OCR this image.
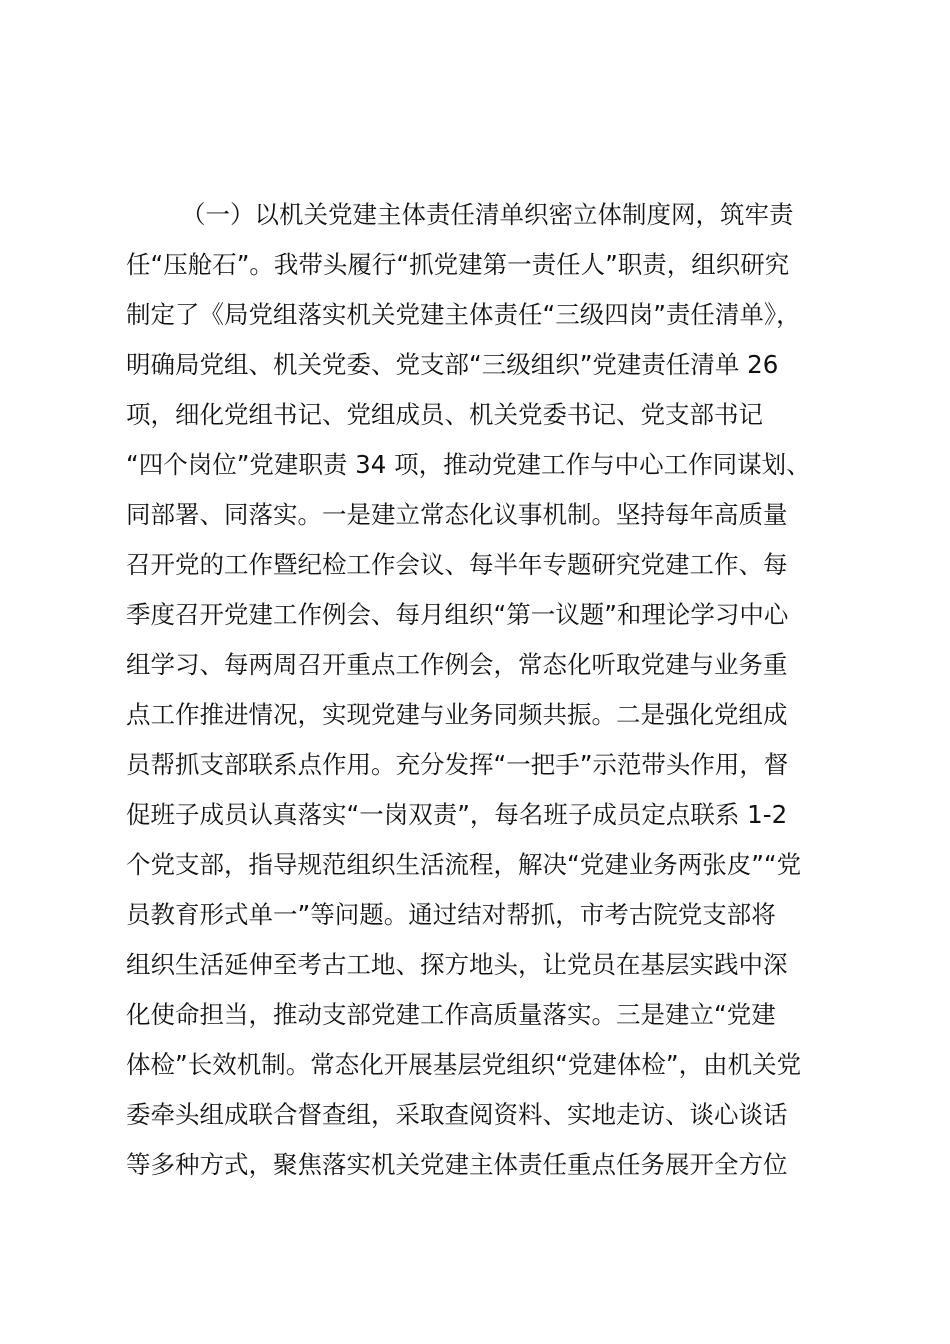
（一）以机关党建主体责任清单织密立体制度网，筑牢责
任“压舱石”。我带头履行“抓党建第一责任人”职责，组织研究
制定了《局党组落实机关党建主体责任“三级四岗”责任清单》，
明确局党组、机关党委、党支部“三级组织”党建责任清单 26
项，细化党组书记、党组成员、机关党委书记、党支部书记
“四个岗位”党建职责 34 项，推动党建工作与中心工作同谋划、
同部署、同落实。一是建立常态化议事机制。坚持每年高质量
召开党的工作暨纪检工作会议、每半年专题研究党建工作、每
季度召开党建工作例会、每月组织“第一议题”和理论学习中心
组学习、每两周召开重点工作例会，常态化听取党建与业务重
点工作推进情况，实现党建与业务同频共振。二是强化党组成
员帮抓支部联系点作用。充分发挥“一把手”示范带头作用，督
促班子成员认真落实“一岗双责”，每名班子成员定点联系 1-2
个党支部，指导规范组织生活流程，解决“党建业务两张皮”“党
员教育形式单一”等问题。通过结对帮抓，市考古院党支部将
组织生活延伸至考古工地、探方地头，让党员在基层实践中深
化使命担当，推动支部党建工作高质量落实。三是建立“党建
体检”长效机制。常态化开展基层党组织“党建体检”，由机关党
委牵头组成联合督查组，采取查阅资料、实地走访、谈心谈话
等多种方式，聚焦落实机关党建主体责任重点任务展开全方位
